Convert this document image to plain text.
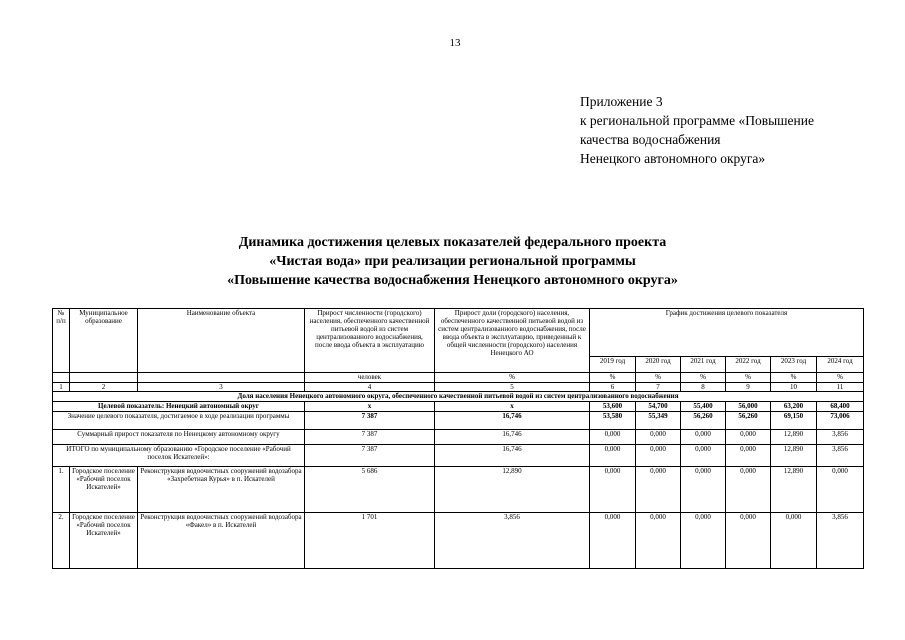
13
Приложение 3
к региональной программе «Повышение
качества водоснабжения
Ненецкого автономного округа»
Динамика достижения целевых показателей федерального проекта
«Чистая вода» при реализации региональной программы
«Повышение качества водоснабжения Ненецкого автономного округа»
№ п/п	Муниципальное образование	Наименование объекта	Прирост численности (городского) населения, обеспеченного качественной питьевой водой из систем централизованного водоснабжения, после ввода объекта в эксплуатацию	Прирост доли (городского) населения, обеспеченного качественной питьевой водой из систем централизованного водоснабжения, после ввода объекта в эксплуатацию, приведенный к общей численности (городского) населения Ненецкого АО	График достижения целевого показателя					
					2019 год	2020 год	2021 год	2022 год	2023 год	2024 год
			человек	%	%	%	%	%	%	%
1	2	3	4	5	6	7	8	9	10	11
Доля населения Ненецкого автономного округа, обеспеченного качественной питьевой водой из систем централизованного водоснабжения										
Целевой показатель: Ненецкий автономный округ			x	x	53,600	54,700	55,400	56,000	63,200	68,400
Значение целевого показателя, достигаемое в ходе реализации программы			7 387	16,746	53,580	55,349	56,260	56,260	69,150	73,006
Суммарный прирост показателя по Ненецкому автономному округу			7 387	16,746	0,000	0,000	0,000	0,000	12,890	3,856
ИТОГО по муниципальному образованию «Городское поселение «Рабочий поселок Искателей»:			7 387	16,746	0,000	0,000	0,000	0,000	12,890	3,856
1.	Городское поселение «Рабочий поселок Искателей»	Реконструкция водоочистных сооружений водозабора «Захребетная Курья» в п. Искателей	5 686	12,890	0,000	0,000	0,000	0,000	12,890	0,000
2.	Городское поселение «Рабочий поселок Искателей»	Реконструкция водоочистных сооружений водозабора «Факел» в п. Искателей	1 701	3,856	0,000	0,000	0,000	0,000	0,000	3,856
